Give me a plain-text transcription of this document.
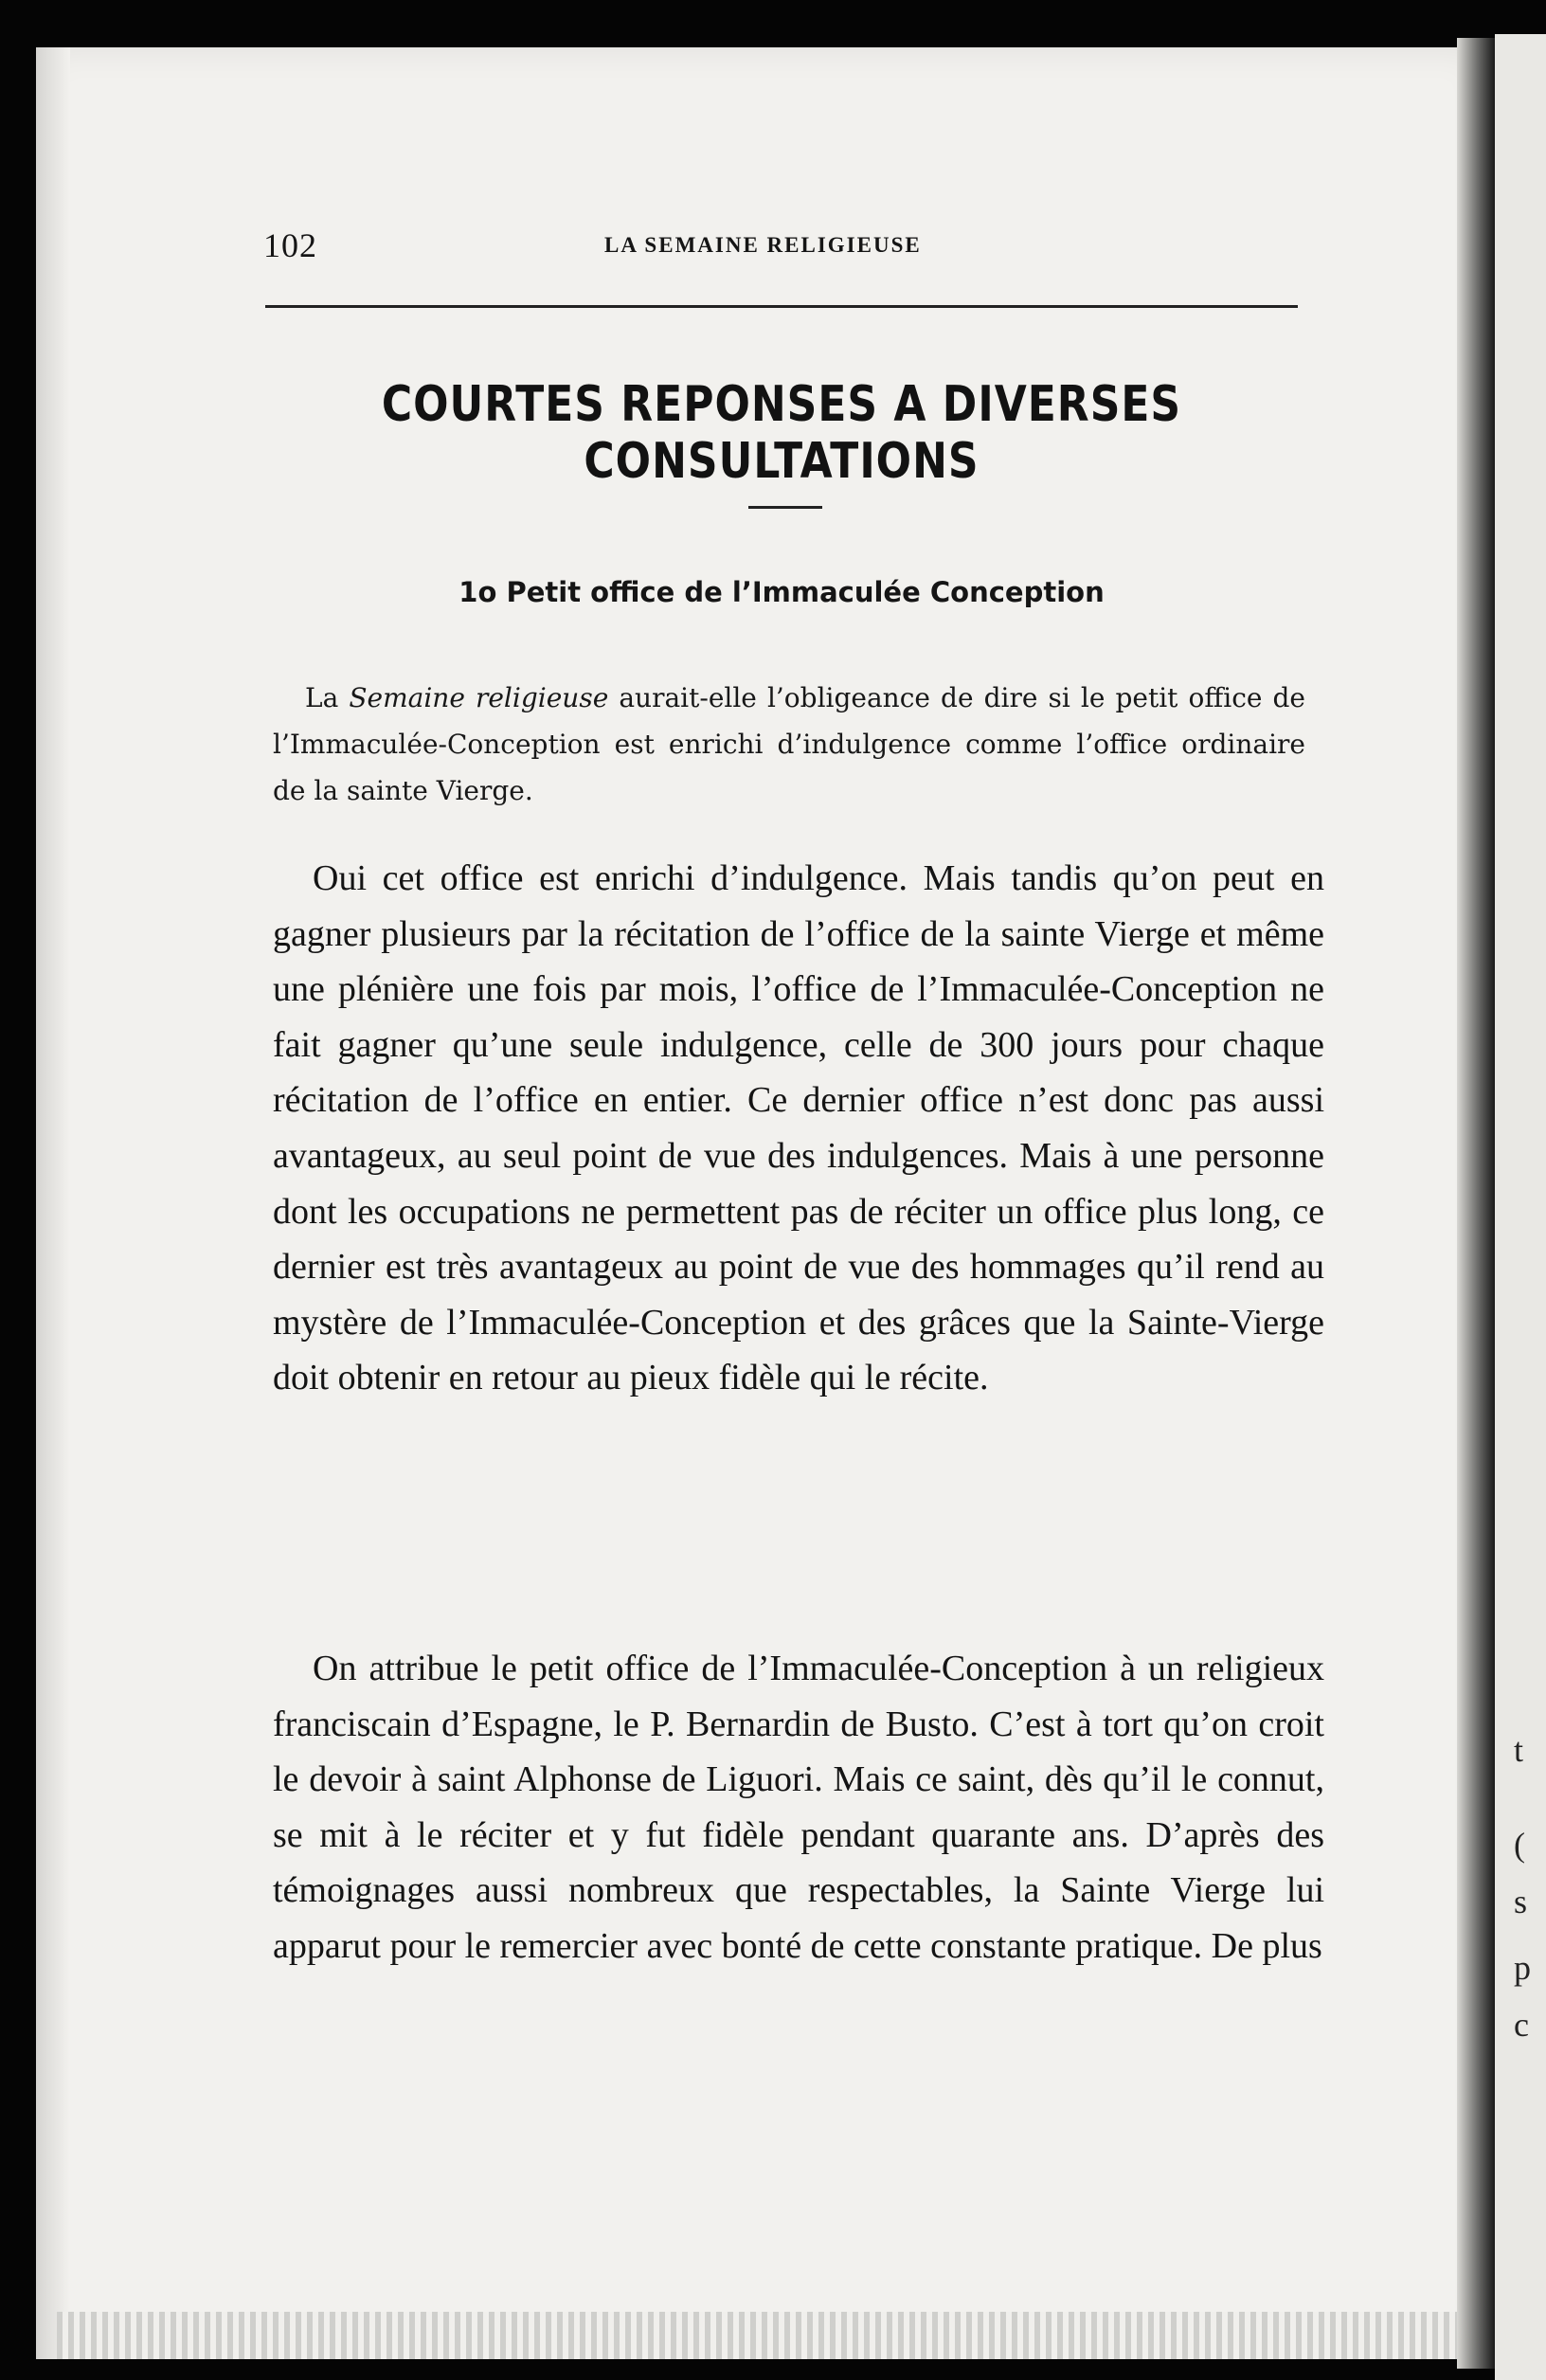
t
(
s
p
c
102	LA SEMAINE RELIGIEUSE
COURTES REPONSES A DIVERSES CONSULTATIONS
1o Petit office de l’Immaculée Conception
La Semaine religieuse aurait-elle l’obligeance de dire si le petit office de l’Immaculée-Conception est enrichi d’indulgence comme l’office ordinaire de la sainte Vierge.
Oui cet office est enrichi d’indulgence. Mais tandis qu’on peut en gagner plusieurs par la récitation de l’office de la sainte Vierge et même une plénière une fois par mois, l’office de l’Immaculée-Conception ne fait gagner qu’une seule indulgence, celle de 300 jours pour chaque récitation de l’office en entier. Ce dernier office n’est donc pas aussi avantageux, au seul point de vue des indulgences. Mais à une personne dont les occupations ne permettent pas de réciter un office plus long, ce dernier est très avantageux au point de vue des hommages qu’il rend au mystère de l’Immaculée-Conception et des grâces que la Sainte-Vierge doit obtenir en retour au pieux fidèle qui le récite.
On attribue le petit office de l’Immaculée-Conception à un religieux franciscain d’Espagne, le P. Bernardin de Busto. C’est à tort qu’on croit le devoir à saint Alphonse de Liguori. Mais ce saint, dès qu’il le connut, se mit à le réciter et y fut fidèle pendant quarante ans. D’après des témoignages aussi nombreux que respectables, la Sainte Vierge lui apparut pour le remercier avec bonté de cette constante pratique. De plus
